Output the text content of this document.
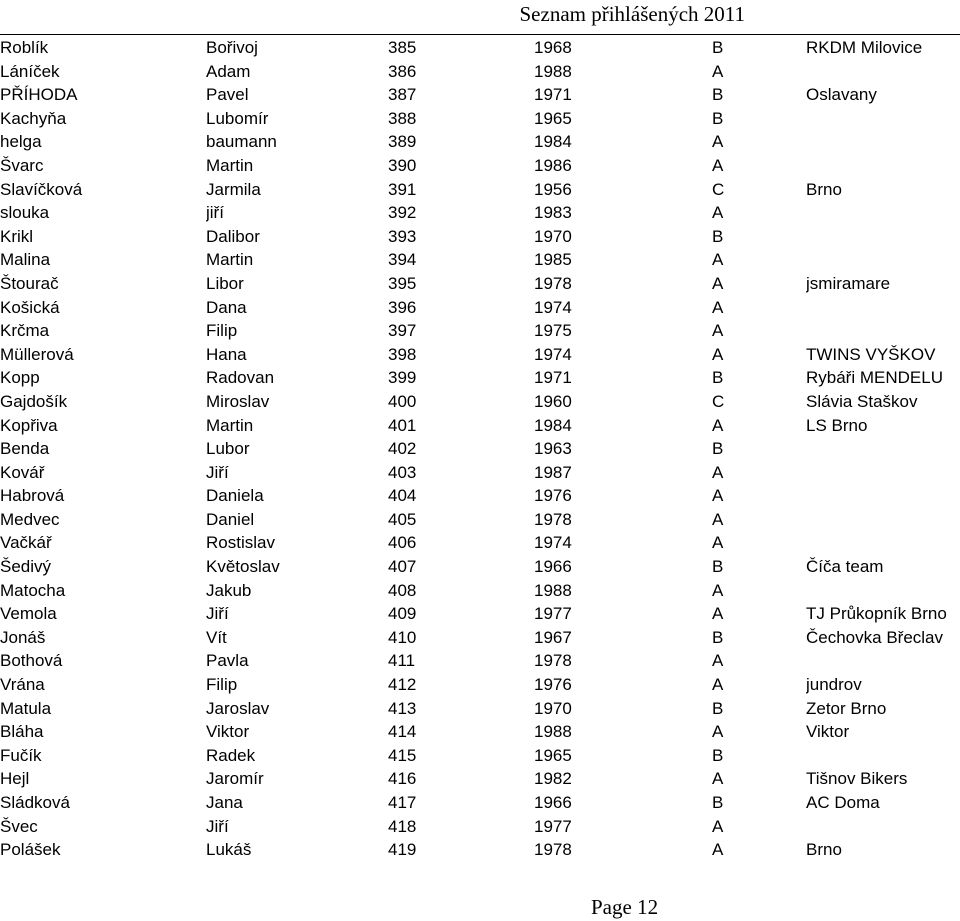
Seznam přihlášených 2011
Roblík	Bořivoj	385	1968	B	RKDM Milovice
Láníček	Adam	386	1988	A	
PŘÍHODA	Pavel	387	1971	B	Oslavany
Kachyňa	Lubomír	388	1965	B	
helga	baumann	389	1984	A	
Švarc	Martin	390	1986	A	
Slavíčková	Jarmila	391	1956	C	Brno
slouka	jiří	392	1983	A	
Krikl	Dalibor	393	1970	B	
Malina	Martin	394	1985	A	
Štourač	Libor	395	1978	A	jsmiramare
Košická	Dana	396	1974	A	
Krčma	Filip	397	1975	A	
Müllerová	Hana	398	1974	A	TWINS VYŠKOV
Kopp	Radovan	399	1971	B	Rybáři MENDELU
Gajdošík	Miroslav	400	1960	C	Slávia Staškov
Kopřiva	Martin	401	1984	A	LS Brno
Benda	Lubor	402	1963	B	
Kovář	Jiří	403	1987	A	
Habrová	Daniela	404	1976	A	
Medvec	Daniel	405	1978	A	
Vačkář	Rostislav	406	1974	A	
Šedivý	Květoslav	407	1966	B	Číča team
Matocha	Jakub	408	1988	A	
Vemola	Jiří	409	1977	A	TJ Průkopník Brno
Jonáš	Vít	410	1967	B	Čechovka Břeclav
Bothová	Pavla	411	1978	A	
Vrána	Filip	412	1976	A	jundrov
Matula	Jaroslav	413	1970	B	Zetor Brno
Bláha	Viktor	414	1988	A	Viktor
Fučík	Radek	415	1965	B	
Hejl	Jaromír	416	1982	A	Tišnov Bikers
Sládková	Jana	417	1966	B	AC Doma
Švec	Jiří	418	1977	A	
Polášek	Lukáš	419	1978	A	Brno
Page 12
